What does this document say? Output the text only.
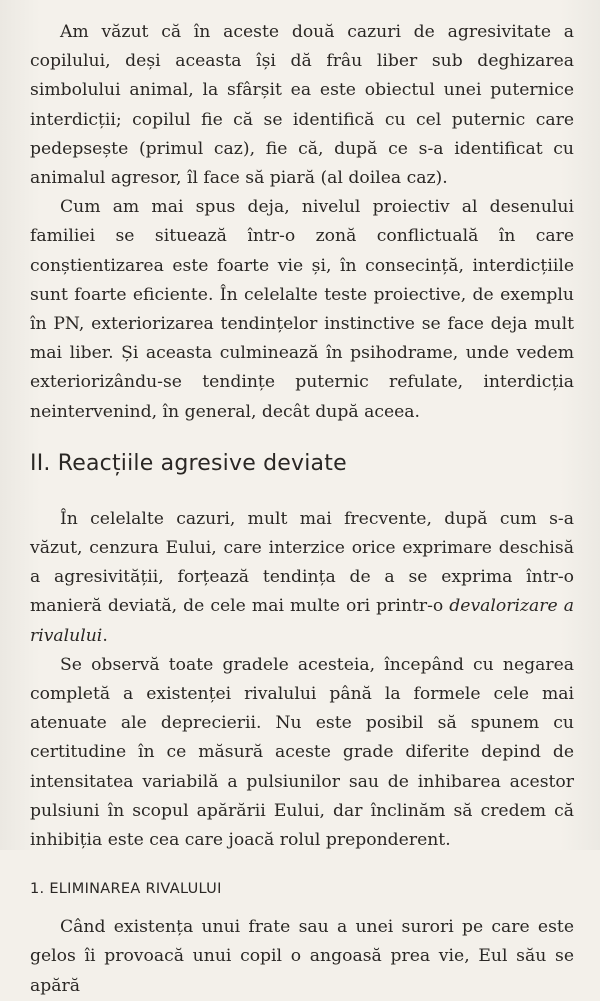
Am văzut că în aceste două cazuri de agresivitate a copilului, deși aceasta își dă frâu liber sub deghizarea simbolului animal, la sfârșit ea este obiectul unei puternice interdicții; copilul fie că se identifică cu cel puternic care pedepsește (primul caz), fie că, după ce s-a identificat cu animalul agresor, îl face să piară (al doilea caz).

Cum am mai spus deja, nivelul proiectiv al desenului familiei se situează într-o zonă conflictuală în care conștientizarea este foarte vie și, în consecință, interdicțiile sunt foarte eficiente. În celelalte teste proiective, de exemplu în PN, exteriorizarea tendințelor instinctive se face deja mult mai liber. Și aceasta culminează în psihodrame, unde vedem exteriorizându-se tendințe puternic refulate, interdicția neintervenind, în general, decât după aceea.

II. Reacțiile agresive deviate

În celelalte cazuri, mult mai frecvente, după cum s-a văzut, cenzura Eului, care interzice orice exprimare deschisă a agresivității, forțează tendința de a se exprima într-o manieră deviată, de cele mai multe ori printr-o devalorizare a rivalului.

Se observă toate gradele acesteia, începând cu negarea completă a existenței rivalului până la formele cele mai atenuate ale deprecierii. Nu este posibil să spunem cu certitudine în ce măsură aceste grade diferite depind de intensitatea variabilă a pulsiunilor sau de inhibarea acestor pulsiuni în scopul apărării Eului, dar înclinăm să credem că inhibiția este cea care joacă rolul preponderent.

1. ELIMINAREA RIVALULUI

Când existența unui frate sau a unei surori pe care este gelos îi provoacă unui copil o angoasă prea vie, Eul său se apără
